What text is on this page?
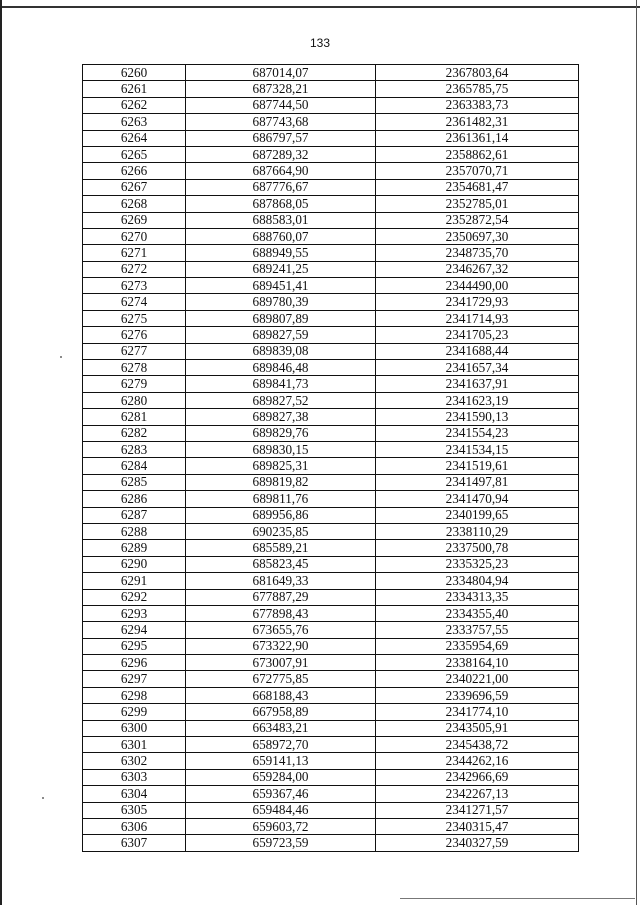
133
6260	687014,07	2367803,64
6261	687328,21	2365785,75
6262	687744,50	2363383,73
6263	687743,68	2361482,31
6264	686797,57	2361361,14
6265	687289,32	2358862,61
6266	687664,90	2357070,71
6267	687776,67	2354681,47
6268	687868,05	2352785,01
6269	688583,01	2352872,54
6270	688760,07	2350697,30
6271	688949,55	2348735,70
6272	689241,25	2346267,32
6273	689451,41	2344490,00
6274	689780,39	2341729,93
6275	689807,89	2341714,93
6276	689827,59	2341705,23
6277	689839,08	2341688,44
6278	689846,48	2341657,34
6279	689841,73	2341637,91
6280	689827,52	2341623,19
6281	689827,38	2341590,13
6282	689829,76	2341554,23
6283	689830,15	2341534,15
6284	689825,31	2341519,61
6285	689819,82	2341497,81
6286	689811,76	2341470,94
6287	689956,86	2340199,65
6288	690235,85	2338110,29
6289	685589,21	2337500,78
6290	685823,45	2335325,23
6291	681649,33	2334804,94
6292	677887,29	2334313,35
6293	677898,43	2334355,40
6294	673655,76	2333757,55
6295	673322,90	2335954,69
6296	673007,91	2338164,10
6297	672775,85	2340221,00
6298	668188,43	2339696,59
6299	667958,89	2341774,10
6300	663483,21	2343505,91
6301	658972,70	2345438,72
6302	659141,13	2344262,16
6303	659284,00	2342966,69
6304	659367,46	2342267,13
6305	659484,46	2341271,57
6306	659603,72	2340315,47
6307	659723,59	2340327,59
